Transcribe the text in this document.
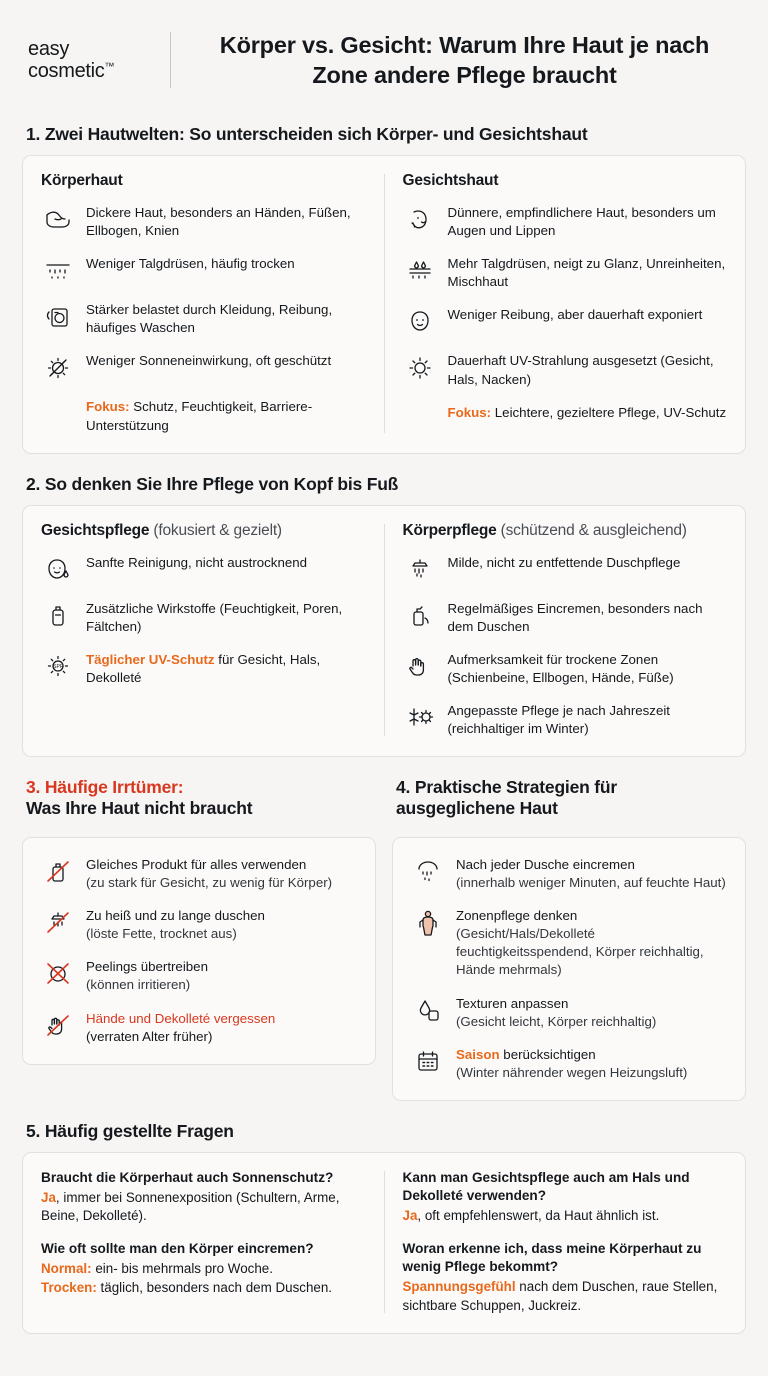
easy
cosmetic™
Körper vs. Gesicht: Warum Ihre Haut je nach Zone andere Pflege braucht
1. Zwei Hautwelten: So unterscheiden sich Körper- und Gesichtshaut
Körperhaut
Dickere Haut, besonders an Händen, Füßen, Ellbogen, Knien
Weniger Talgdrüsen, häufig trocken
Stärker belastet durch Kleidung, Reibung, häufiges Waschen
Weniger Sonneneinwirkung, oft geschützt
Fokus: Schutz, Feuchtigkeit, Barriere-Unterstützung
Gesichtshaut
Dünnere, empfindlichere Haut, besonders um Augen und Lippen
Mehr Talgdrüsen, neigt zu Glanz, Unreinheiten, Mischhaut
Weniger Reibung, aber dauerhaft exponiert
Dauerhaft UV-Strahlung ausgesetzt (Gesicht, Hals, Nacken)
Fokus: Leichtere, gezieltere Pflege, UV-Schutz
2. So denken Sie Ihre Pflege von Kopf bis Fuß
Gesichtspflege (fokusiert & gezielt)
Sanfte Reinigung, nicht austrocknend
Zusätzliche Wirkstoffe (Feuchtigkeit, Poren, Fältchen)
SPF
Täglicher UV-Schutz für Gesicht, Hals, Dekolleté
Körperpflege (schützend & ausgleichend)
Milde, nicht zu entfettende Duschpflege
Regelmäßiges Eincremen, besonders nach dem Duschen
Aufmerksamkeit für trockene Zonen (Schienbeine, Ellbogen, Hände, Füße)
Angepasste Pflege je nach Jahreszeit (reichhaltiger im Winter)
3. Häufige Irrtümer:
Was Ihre Haut nicht braucht
4. Praktische Strategien für
ausgeglichene Haut
Gleiches Produkt für alles verwenden
(zu stark für Gesicht, zu wenig für Körper)
Zu heiß und zu lange duschen
(löste Fette, trocknet aus)
Peelings übertreiben
(können irritieren)
Hände und Dekolleté vergessen
(verraten Alter früher)
Nach jeder Dusche eincremen
(innerhalb weniger Minuten, auf feuchte Haut)
Zonenpflege denken
(Gesicht/Hals/Dekolleté feuchtigkeitsspendend, Körper reichhaltig, Hände mehrmals)
Texturen anpassen
(Gesicht leicht, Körper reichhaltig)
Saison berücksichtigen
(Winter nährender wegen Heizungsluft)
5. Häufig gestellte Fragen
Braucht die Körperhaut auch Sonnenschutz?
Ja, immer bei Sonnenexposition (Schultern, Arme, Beine, Dekolleté).
Wie oft sollte man den Körper eincremen?
Normal: ein- bis mehrmals pro Woche.
Trocken: täglich, besonders nach dem Duschen.
Kann man Gesichtspflege auch am Hals und Dekolleté verwenden?
Ja, oft empfehlenswert, da Haut ähnlich ist.
Woran erkenne ich, dass meine Körperhaut zu wenig Pflege bekommt?
Spannungsgefühl nach dem Duschen, raue Stellen, sichtbare Schuppen, Juckreiz.
